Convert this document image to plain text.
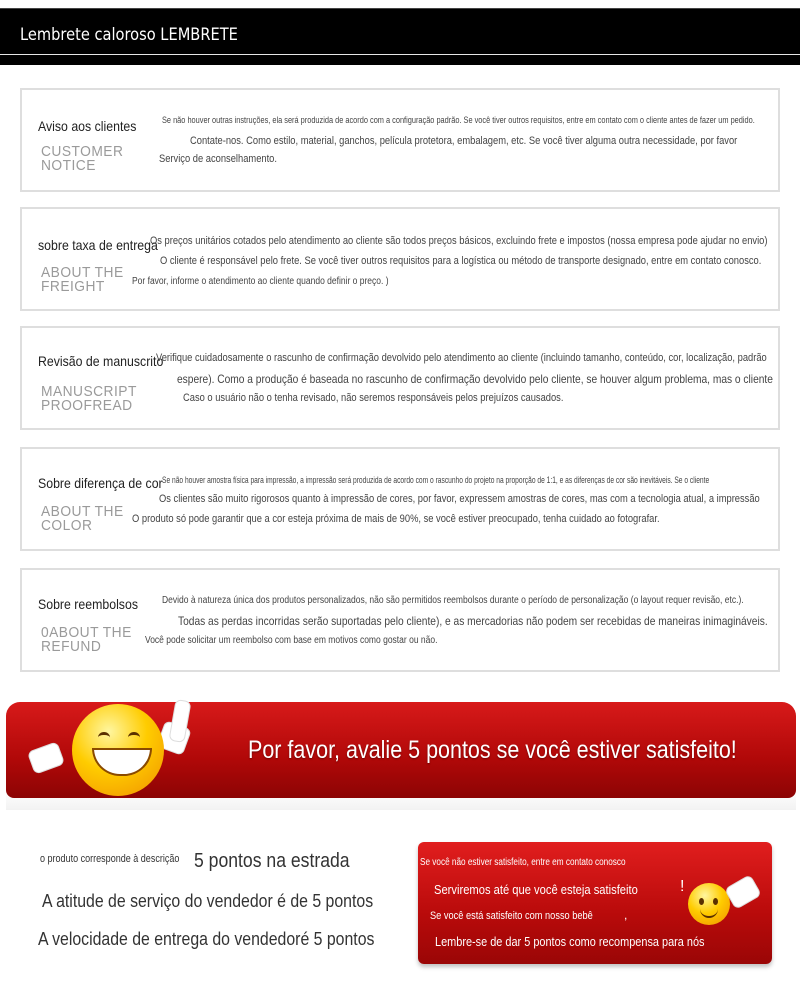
Lembrete caloroso LEMBRETE
Aviso aos clientes
CUSTOMER
NOTICE
Se não houver outras instruções, ela será produzida de acordo com a configuração padrão. Se você tiver outros requisitos, entre em contato com o cliente antes de fazer um pedido.
Contate-nos. Como estilo, material, ganchos, película protetora, embalagem, etc. Se você tiver alguma outra necessidade, por favor
Serviço de aconselhamento.
sobre taxa de entrega
ABOUT THE
FREIGHT
Os preços unitários cotados pelo atendimento ao cliente são todos preços básicos, excluindo frete e impostos (nossa empresa pode ajudar no envio)
O cliente é responsável pelo frete. Se você tiver outros requisitos para a logística ou método de transporte designado, entre em contato conosco.
Por favor, informe o atendimento ao cliente quando definir o preço. )
Revisão de manuscrito
MANUSCRIPT
PROOFREAD
Verifique cuidadosamente o rascunho de confirmação devolvido pelo atendimento ao cliente (incluindo tamanho, conteúdo, cor, localização, padrão
espere). Como a produção é baseada no rascunho de confirmação devolvido pelo cliente, se houver algum problema, mas o cliente
Caso o usuário não o tenha revisado, não seremos responsáveis ​​pelos prejuízos causados.
Sobre diferença de cor
ABOUT THE
COLOR
Se não houver amostra física para impressão, a impressão será produzida de acordo com o rascunho do projeto na proporção de 1:1, e as diferenças de cor são inevitáveis. Se o cliente
Os clientes são muito rigorosos quanto à impressão de cores, por favor, expressem amostras de cores, mas com a tecnologia atual, a impressão
O produto só pode garantir que a cor esteja próxima de mais de 90%, se você estiver preocupado, tenha cuidado ao fotografar.
Sobre reembolsos
0ABOUT THE
REFUND
Devido à natureza única dos produtos personalizados, não são permitidos reembolsos durante o período de personalização (o layout requer revisão, etc.).
Todas as perdas incorridas serão suportadas pelo cliente), e as mercadorias não podem ser recebidas de maneiras inimagináveis.
Você pode solicitar um reembolso com base em motivos como gostar ou não.
Por favor, avalie 5 pontos se você estiver satisfeito!
o produto corresponde à descrição 5 pontos na estrada
A atitude de serviço do vendedor é de 5 pontos
A velocidade de entrega do vendedor​​é 5 pontos
Se você não estiver satisfeito, entre em contato conosco
Serviremos até que você esteja satisfeito	!
Se você está satisfeito com nosso bebê	,
Lembre-se de dar 5 pontos como recompensa para nós
